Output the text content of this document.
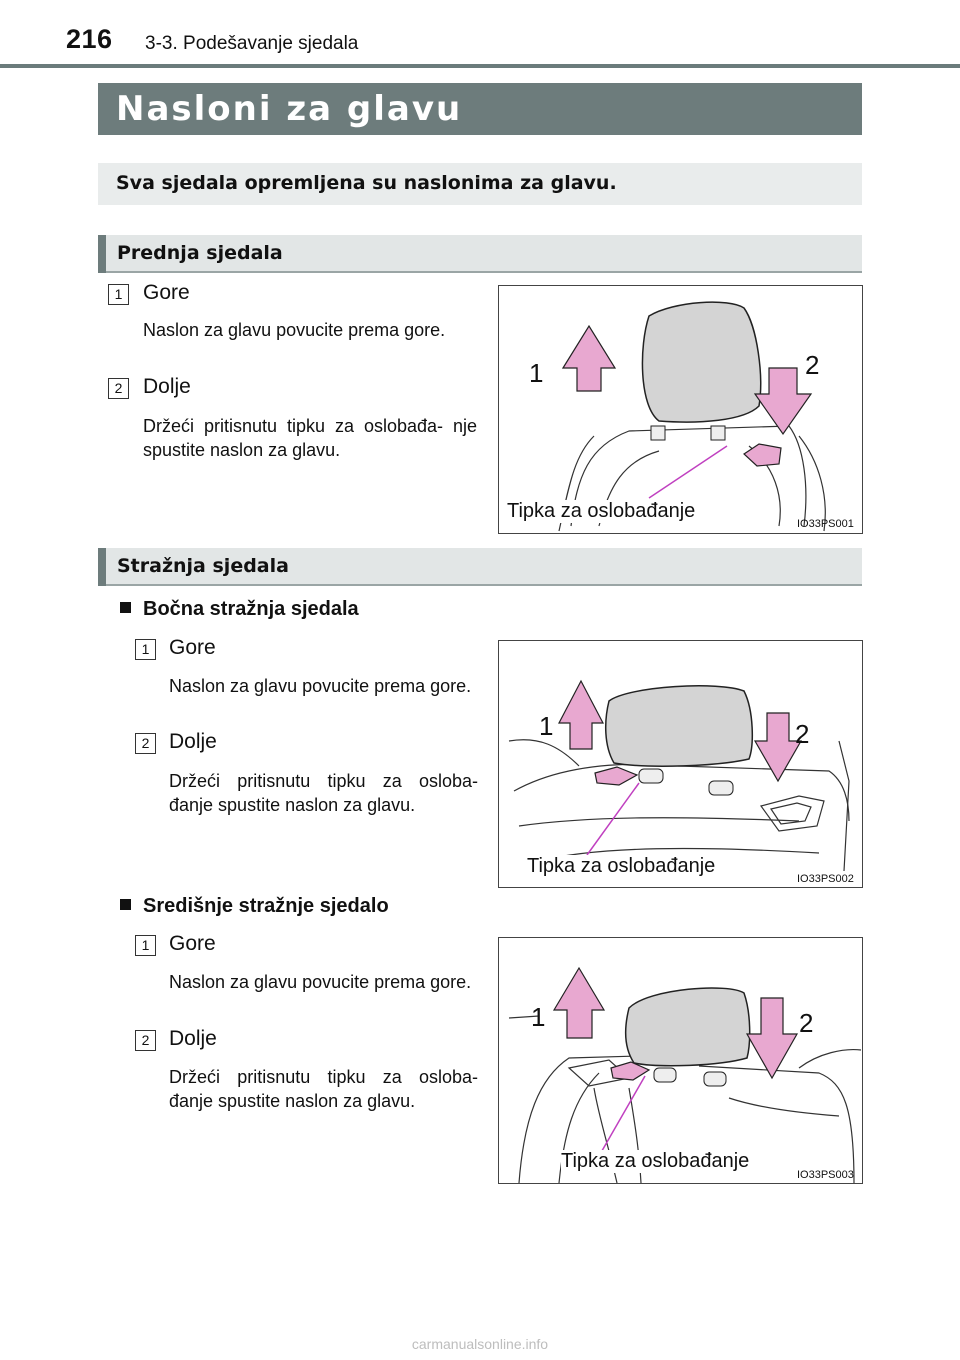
216 3-3. Podešavanje sjedala
Nasloni za glavu
Sva sjedala opremljena su naslonima za glavu.
Prednja sjedala
1 Gore
Naslon za glavu povucite prema gore.
2 Dolje
Držeći pritisnutu tipku za oslobađa- nje spustite naslon za glavu.
1	2
Tipka za oslobađanje
IO33PS001
Stražnja sjedala
Bočna stražnja sjedala
1 Gore
Naslon za glavu povucite prema gore.
2 Dolje
Držeći pritisnutu tipku za osloba- đanje spustite naslon za glavu.
1	2
Tipka za oslobađanje
IO33PS002
Središnje stražnje sjedalo
1 Gore
Naslon za glavu povucite prema gore.
2 Dolje
Držeći pritisnutu tipku za osloba- đanje spustite naslon za glavu.
1	2
Tipka za oslobađanje
IO33PS003
carmanualsonline.info
